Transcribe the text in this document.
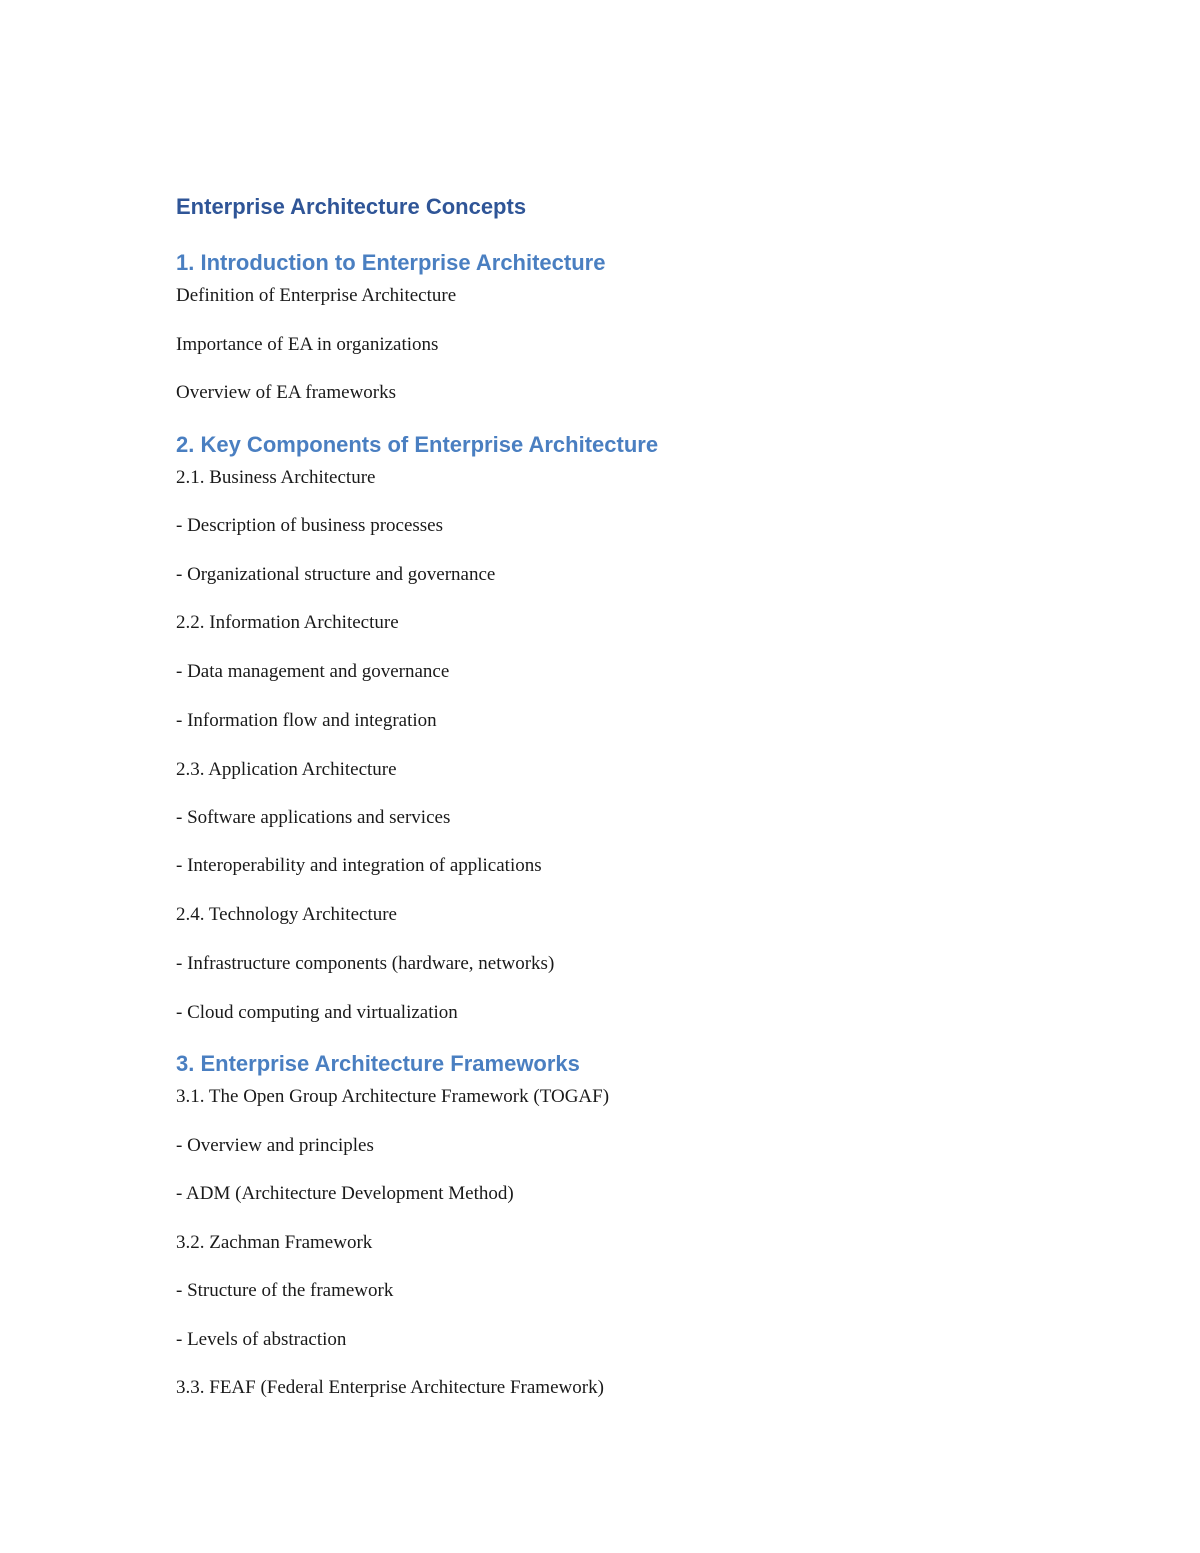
Enterprise Architecture Concepts
1. Introduction to Enterprise Architecture
Definition of Enterprise Architecture
Importance of EA in organizations
Overview of EA frameworks
2. Key Components of Enterprise Architecture
2.1. Business Architecture
- Description of business processes
- Organizational structure and governance
2.2. Information Architecture
- Data management and governance
- Information flow and integration
2.3. Application Architecture
- Software applications and services
- Interoperability and integration of applications
2.4. Technology Architecture
- Infrastructure components (hardware, networks)
- Cloud computing and virtualization
3. Enterprise Architecture Frameworks
3.1. The Open Group Architecture Framework (TOGAF)
- Overview and principles
- ADM (Architecture Development Method)
3.2. Zachman Framework
- Structure of the framework
- Levels of abstraction
3.3. FEAF (Federal Enterprise Architecture Framework)
